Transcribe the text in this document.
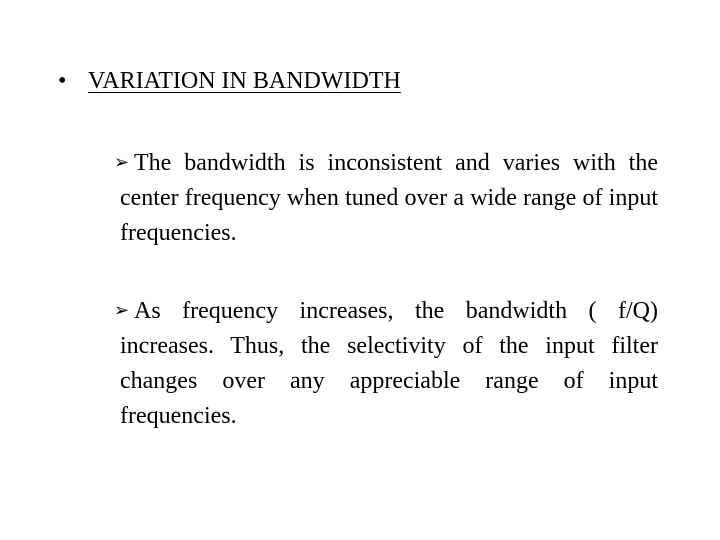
• VARIATION IN BANDWIDTH
➢ The bandwidth is inconsistent and varies with the center frequency when tuned over a wide range of input frequencies.
➢ As frequency increases, the bandwidth ( f/Q) increases. Thus, the selectivity of the input filter changes over any appreciable range of input frequencies.
